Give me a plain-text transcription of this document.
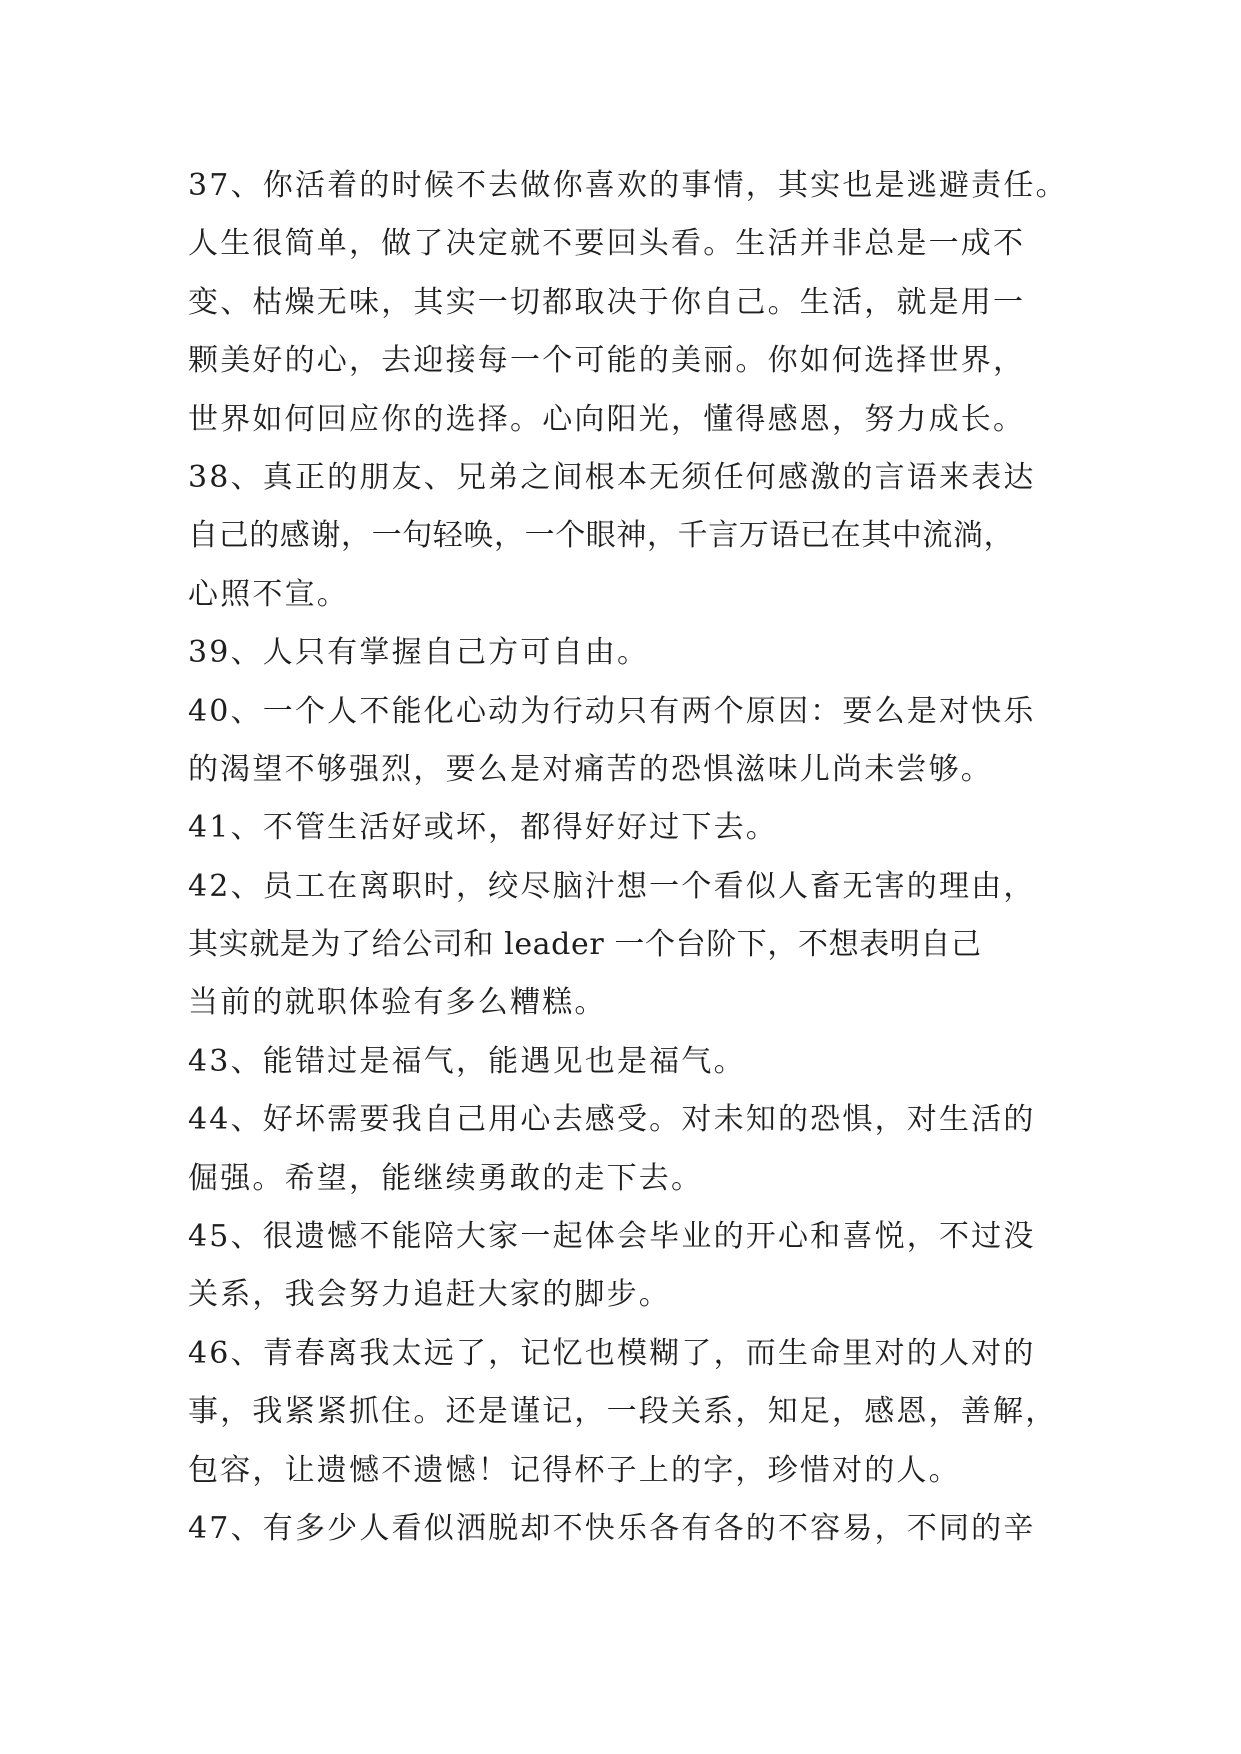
37、你活着的时候不去做你喜欢的事情，其实也是逃避责任。
人生很简单，做了决定就不要回头看。生活并非总是一成不
变、枯燥无味，其实一切都取决于你自己。生活，就是用一
颗美好的心，去迎接每一个可能的美丽。你如何选择世界，
世界如何回应你的选择。心向阳光，懂得感恩，努力成长。
38、真正的朋友、兄弟之间根本无须任何感激的言语来表达
自己的感谢，一句轻唤，一个眼神，千言万语已在其中流淌，
心照不宣。
39、人只有掌握自己方可自由。
40、一个人不能化心动为行动只有两个原因：要么是对快乐
的渴望不够强烈，要么是对痛苦的恐惧滋味儿尚未尝够。
41、不管生活好或坏，都得好好过下去。
42、员工在离职时，绞尽脑汁想一个看似人畜无害的理由，
其实就是为了给公司和 leader 一个台阶下，不想表明自己
当前的就职体验有多么糟糕。
43、能错过是福气，能遇见也是福气。
44、好坏需要我自己用心去感受。对未知的恐惧，对生活的
倔强。希望，能继续勇敢的走下去。
45、很遗憾不能陪大家一起体会毕业的开心和喜悦，不过没
关系，我会努力追赶大家的脚步。
46、青春离我太远了，记忆也模糊了，而生命里对的人对的
事，我紧紧抓住。还是谨记，一段关系，知足，感恩，善解，
包容，让遗憾不遗憾！记得杯子上的字，珍惜对的人。
47、有多少人看似洒脱却不快乐各有各的不容易，不同的辛
